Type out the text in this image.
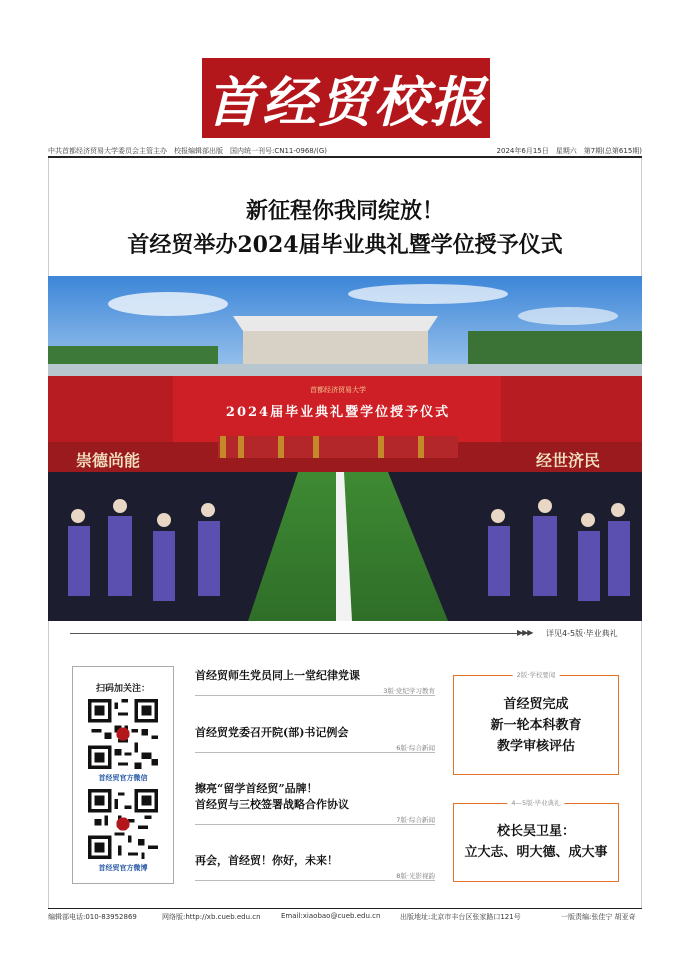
首经贸校报
中共首都经济贸易大学委员会主管主办　校报编辑部出版　国内统一刊号:CN11-0968/(G)	2024年6月15日　星期六　第7期(总第615期)
新征程你我同绽放！
首经贸举办2024届毕业典礼暨学位授予仪式
2024届毕业典礼暨学位授予仪式
首都经济贸易大学
崇德尚能	经世济民
▶▶▶ 详见4-5版·毕业典礼
扫码加关注：
首经贸官方微信
首经贸官方微博
首经贸师生党员同上一堂纪律党课
3版·党纪学习教育
首经贸党委召开院(部)书记例会
6版·综合新闻
擦亮“留学首经贸”品牌！
首经贸与三校签署战略合作协议
7版·综合新闻
再会，首经贸！你好，未来！
8版·光影视韵
2版·学校要闻
首经贸完成
新一轮本科教育
教学审核评估
4—5版·毕业典礼
校长吴卫星：
立大志、明大德、成大事
编辑部电话:010-83952869	网络版:http://xb.cueb.edu.cn	Email:xiaobao@cueb.edu.cn	出版地址:北京市丰台区张家路口121号	一版责编:张佳宁 胡亚奇
